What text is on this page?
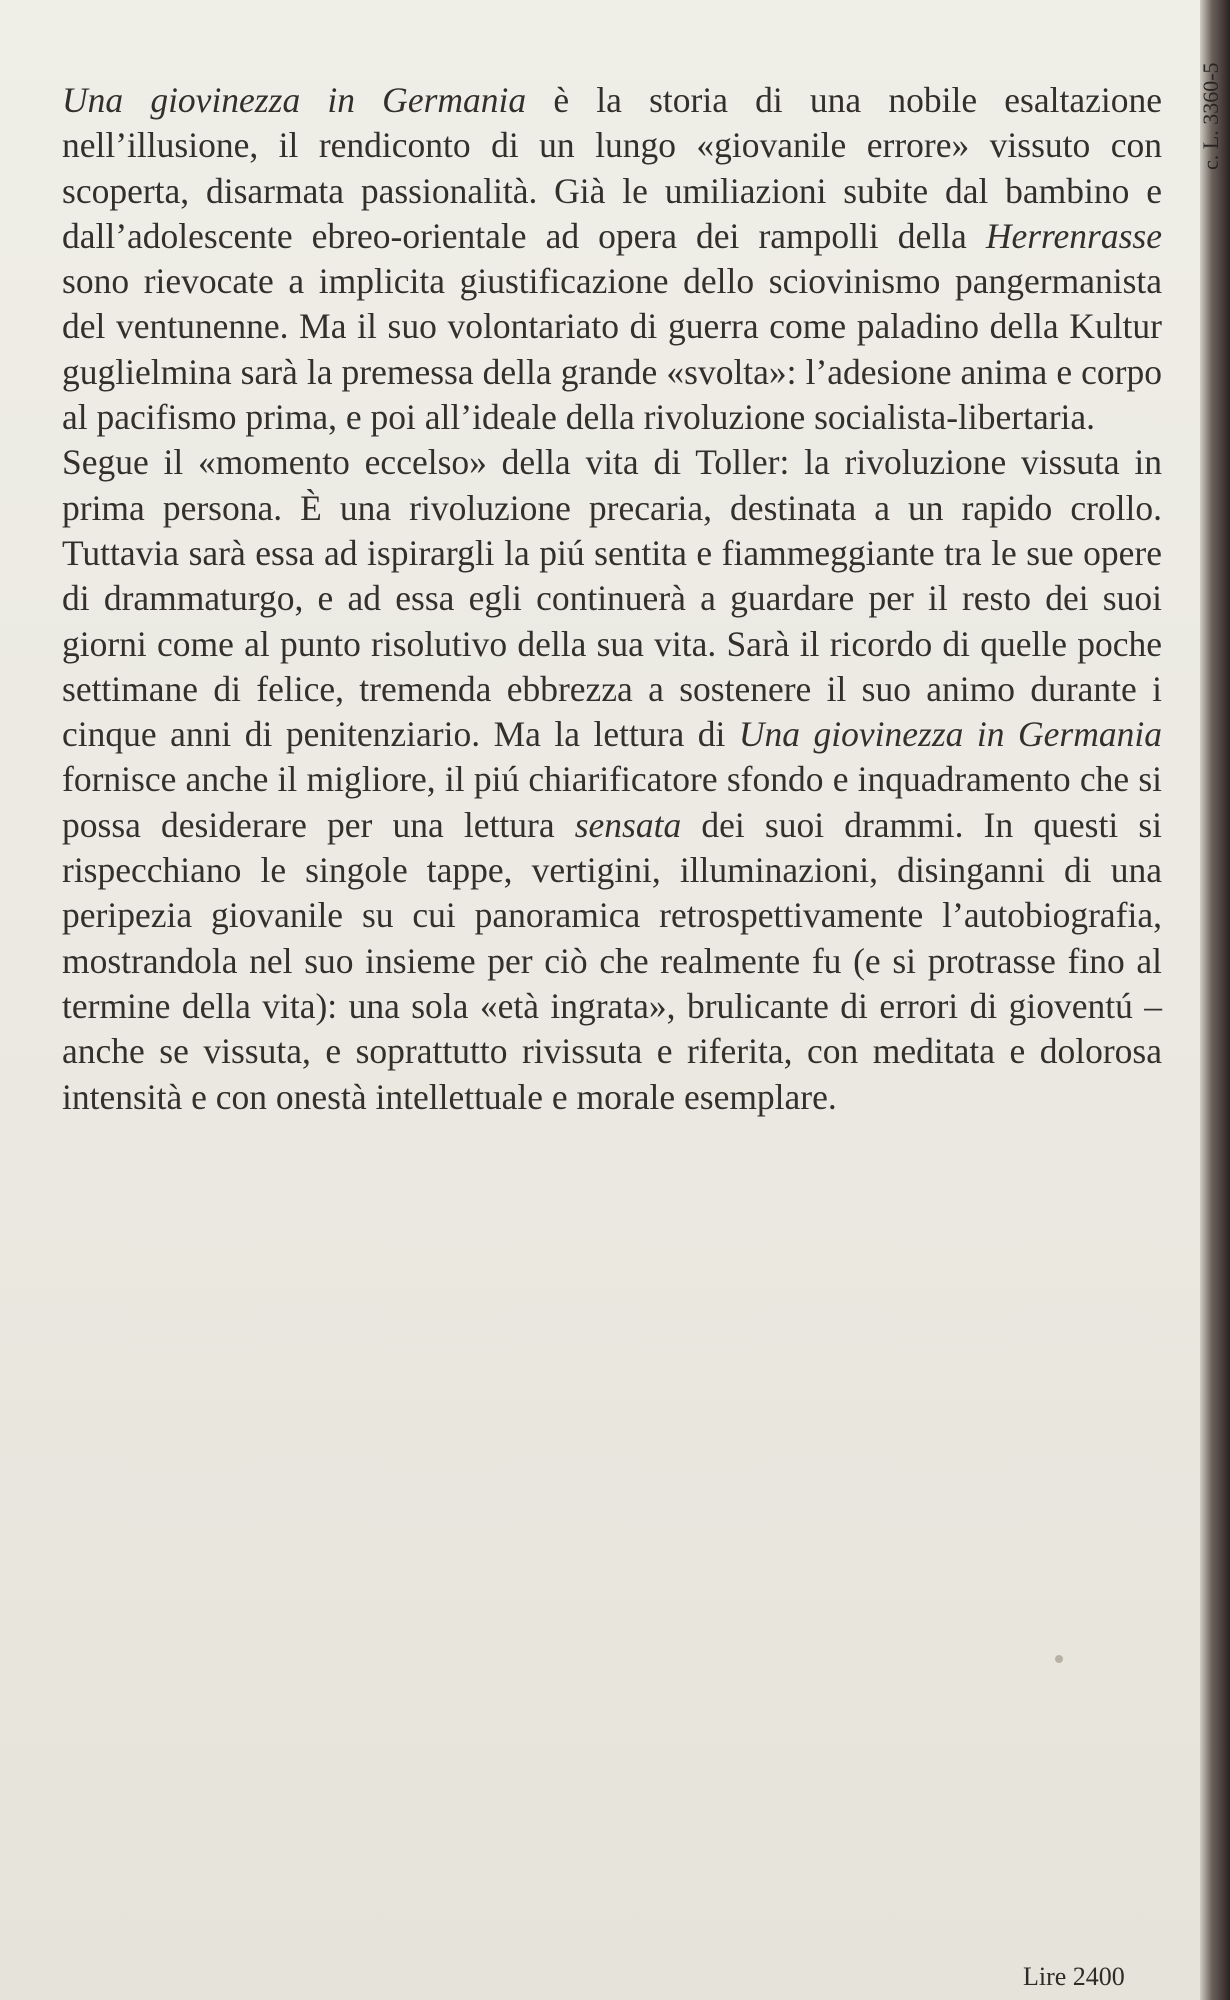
Una giovinezza in Germania è la storia di una nobile esaltazione nell’illusione, il rendiconto di un lungo «giovanile errore» vissuto con scoperta, disarmata passionalità. Già le umiliazioni subite dal bambino e dall’adolescente ebreo-orientale ad opera dei rampolli della Herrenrasse sono rievocate a implicita giustificazione dello sciovinismo pangermanista del ventunenne. Ma il suo volontariato di guerra come paladino della Kultur guglielmina sarà la premessa della grande «svolta»: l’adesione anima e corpo al pacifismo prima, e poi all’ideale della rivoluzione socialista-libertaria.

Segue il «momento eccelso» della vita di Toller: la rivoluzione vissuta in prima persona. È una rivoluzione precaria, destinata a un rapido crollo. Tuttavia sarà essa ad ispirargli la piú sentita e fiammeggiante tra le sue opere di drammaturgo, e ad essa egli continuerà a guardare per il resto dei suoi giorni come al punto risolutivo della sua vita. Sarà il ricordo di quelle poche settimane di felice, tremenda ebbrezza a sostenere il suo animo durante i cinque anni di penitenziario. Ma la lettura di Una giovinezza in Germania fornisce anche il migliore, il piú chiarificatore sfondo e inquadramento che si possa desiderare per una lettura sensata dei suoi drammi. In questi si rispecchiano le singole tappe, vertigini, illuminazioni, disinganni di una peripezia giovanile su cui panoramica retrospettivamente l’autobiografia, mostrandola nel suo insieme per ciò che realmente fu (e si protrasse fino al termine della vita): una sola «età ingrata», brulicante di errori di gioventú – anche se vissuta, e soprattutto rivissuta e riferita, con meditata e dolorosa intensità e con onestà intellettuale e morale esemplare.

Lire 2400
c. L. 3360-5
